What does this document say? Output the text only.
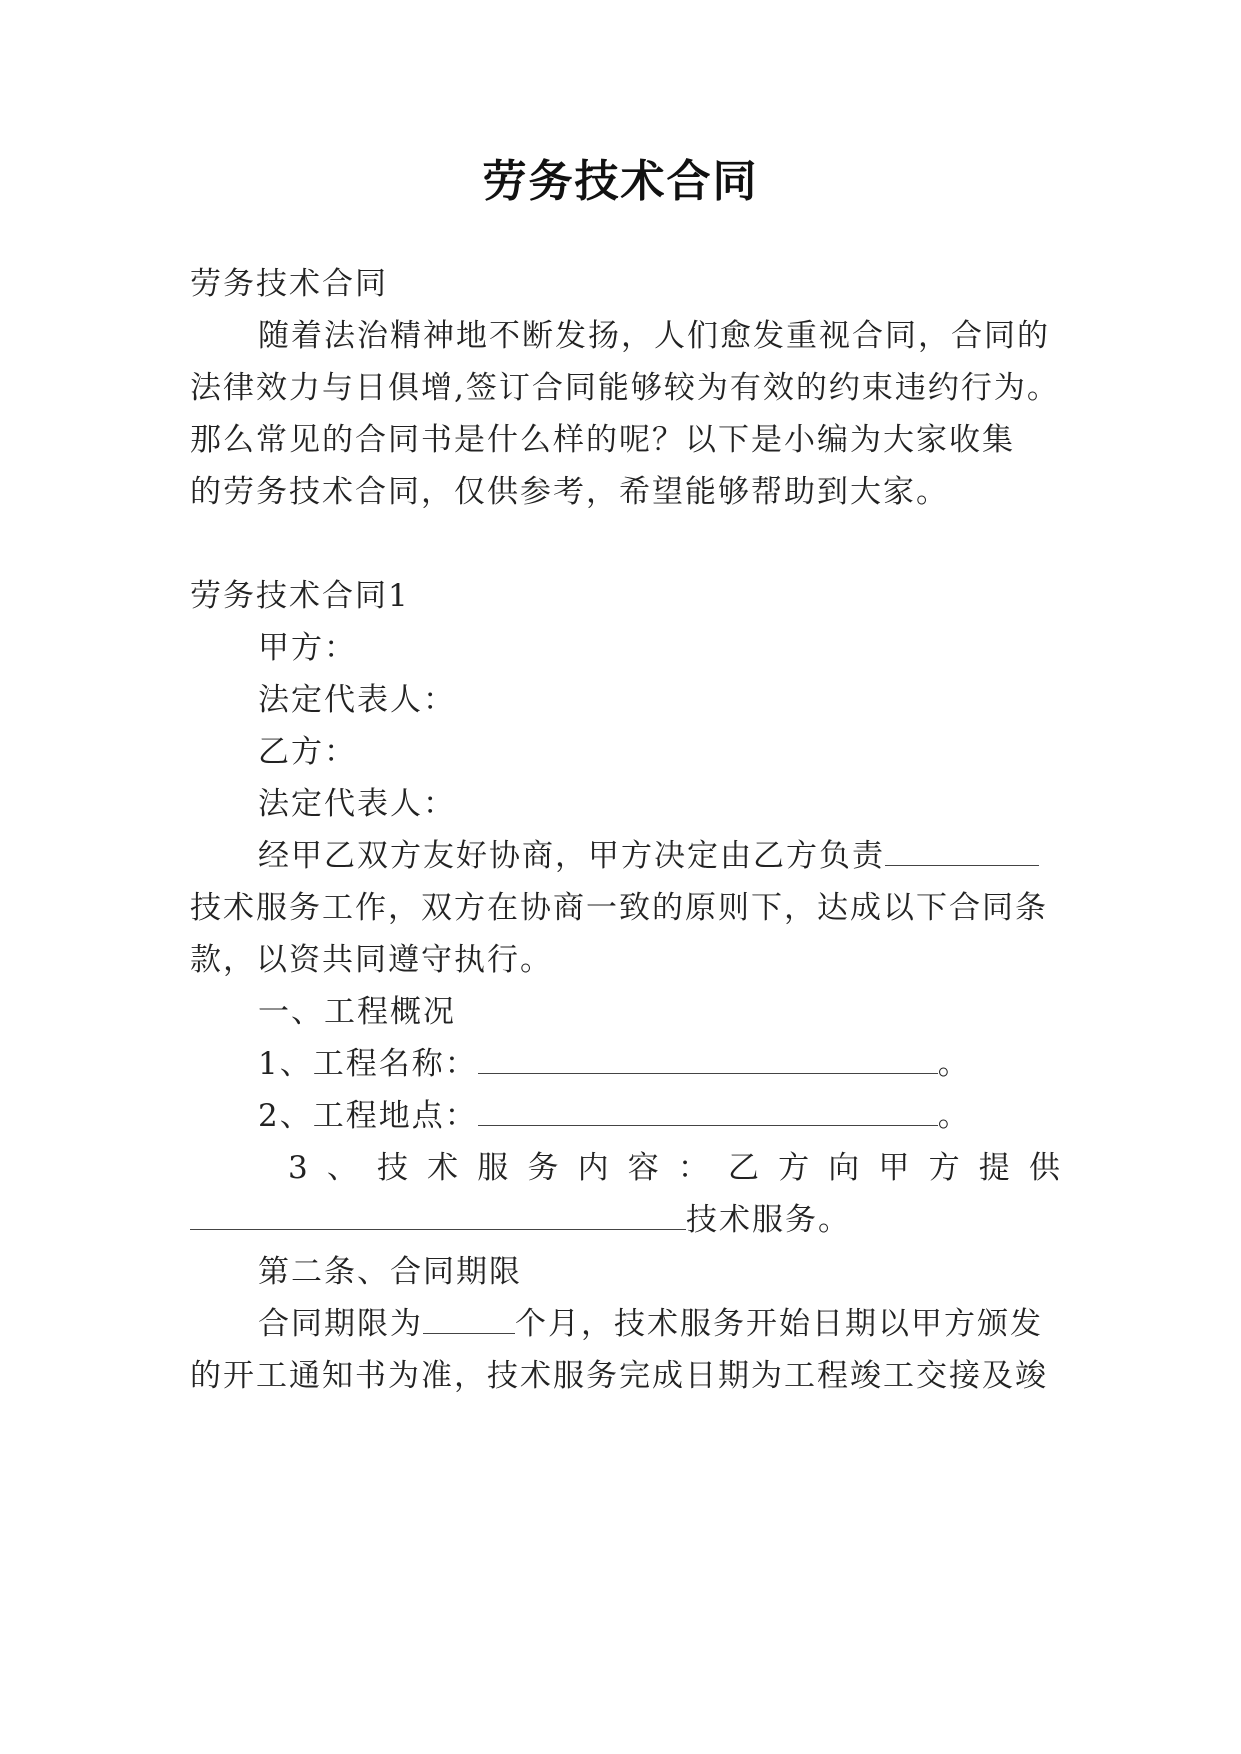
劳务技术合同
劳务技术合同
随着法治精神地不断发扬，人们愈发重视合同，合同的
法律效力与日俱增,签订合同能够较为有效的约束违约行为。
那么常见的合同书是什么样的呢？以下是小编为大家收集
的劳务技术合同，仅供参考，希望能够帮助到大家。
劳务技术合同1
甲方：
法定代表人：
乙方：
法定代表人：
经甲乙双方友好协商，甲方决定由乙方负责
技术服务工作，双方在协商一致的原则下，达成以下合同条
款，以资共同遵守执行。
一、工程概况
1、工程名称：	。
2、工程地点：	。
3 、 技 术 服 务 内 容 ： 乙 方 向 甲 方 提 供
技术服务。
第二条、合同期限
合同期限为	个月，技术服务开始日期以甲方颁发
的开工通知书为准，技术服务完成日期为工程竣工交接及竣
